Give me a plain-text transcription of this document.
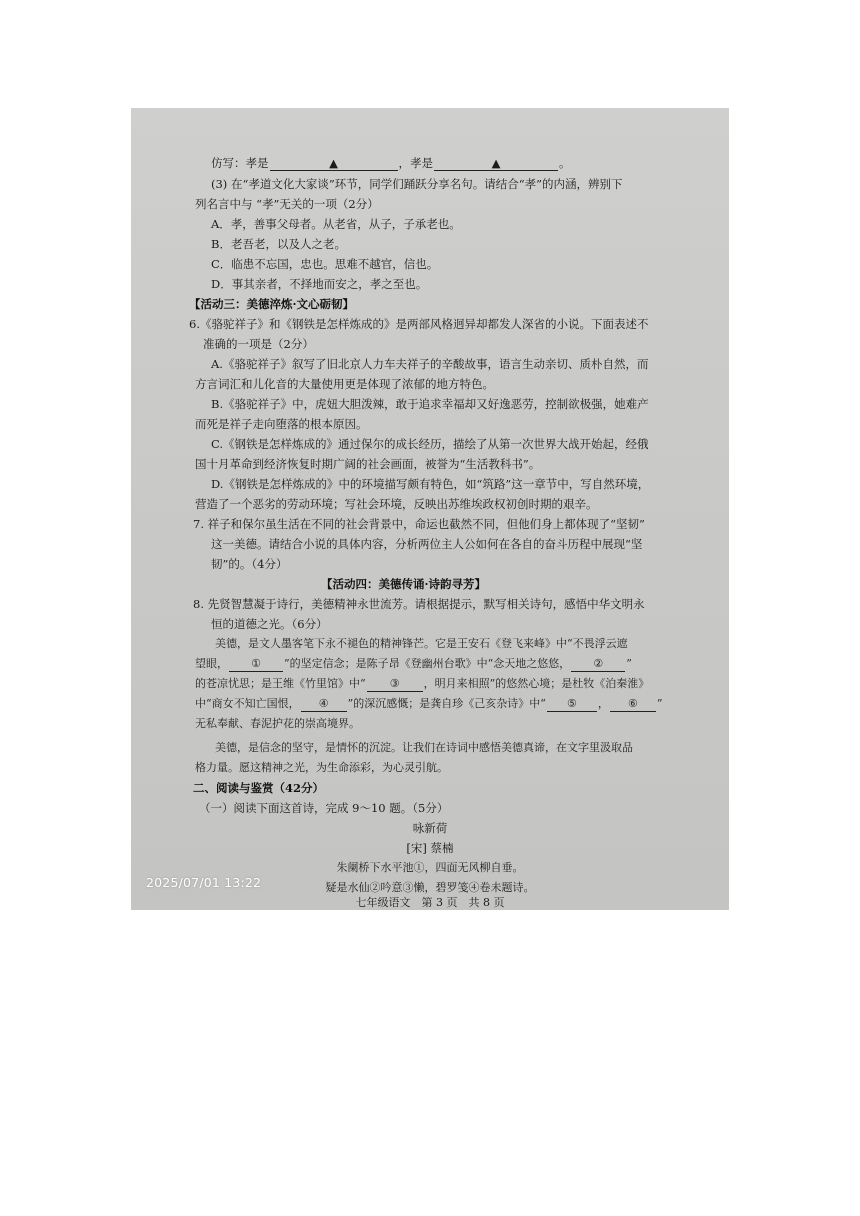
仿写：孝是	▲	，孝是	▲	。
(3) 在“孝道文化大家谈”环节，同学们踊跃分享名句。请结合“孝”的内涵，辨别下
列名言中与 “孝”无关的一项（2分）
A．孝，善事父母者。从老省，从子，子承老也。
B．老吾老，以及人之老。
C．临患不忘国，忠也。思难不越官，信也。
D．事其亲者，不择地而安之，孝之至也。
【活动三：美德淬炼·文心砺韧】
6.《骆驼祥子》和《钢铁是怎样炼成的》是两部风格迥异却都发人深省的小说。下面表述不
准确的一项是（2分）
A.《骆驼祥子》叙写了旧北京人力车夫祥子的辛酸故事，语言生动亲切、质朴自然，而
方言词汇和儿化音的大量使用更是体现了浓郁的地方特色。
B.《骆驼祥子》中，虎妞大胆泼辣，敢于追求幸福却又好逸恶劳，控制欲极强，她难产
而死是祥子走向堕落的根本原因。
C.《钢铁是怎样炼成的》通过保尔的成长经历，描绘了从第一次世界大战开始起，经俄
国十月革命到经济恢复时期广阔的社会画面，被誉为“生活教科书”。
D.《钢铁是怎样炼成的》中的环境描写颇有特色，如“筑路”这一章节中，写自然环境，
营造了一个恶劣的劳动环境；写社会环境，反映出苏维埃政权初创时期的艰辛。
7. 祥子和保尔虽生活在不同的社会背景中，命运也截然不同，但他们身上都体现了“坚韧”
这一美德。请结合小说的具体内容，分析两位主人公如何在各自的奋斗历程中展现“坚
韧”的。（4分）
【活动四：美德传诵·诗韵寻芳】
8. 先贤智慧凝于诗行，美德精神永世流芳。请根据提示，默写相关诗句，感悟中华文明永
恒的道德之光。（6分）
美德，是文人墨客笔下永不褪色的精神锋芒。它是王安石《登飞来峰》中“不畏浮云遮
望眼， ① ”的坚定信念；是陈子昂《登幽州台歌》中“念天地之悠悠， ② ”
的苍凉忧思；是王维《竹里馆》中“ ③ ，明月来相照”的悠然心境；是杜牧《泊秦淮》
中“商女不知亡国恨， ④ ”的深沉感慨；是龚自珍《己亥杂诗》中“ ⑤ ， ⑥ ”
无私奉献、春泥护花的崇高境界。
美德，是信念的坚守，是情怀的沉淀。让我们在诗词中感悟美德真谛，在文字里汲取品
格力量。愿这精神之光，为生命添彩，为心灵引航。
二、阅读与鉴赏（42分）
（一）阅读下面这首诗，完成 9～10 题。（5分）
咏新荷
[宋] 蔡楠
朱阑桥下水平池①，四面无风柳自垂。
疑是水仙②吟意③懒，碧罗笺④卷未题诗。
七年级语文　第 3 页　共 8 页
2025/07/01 13:22
